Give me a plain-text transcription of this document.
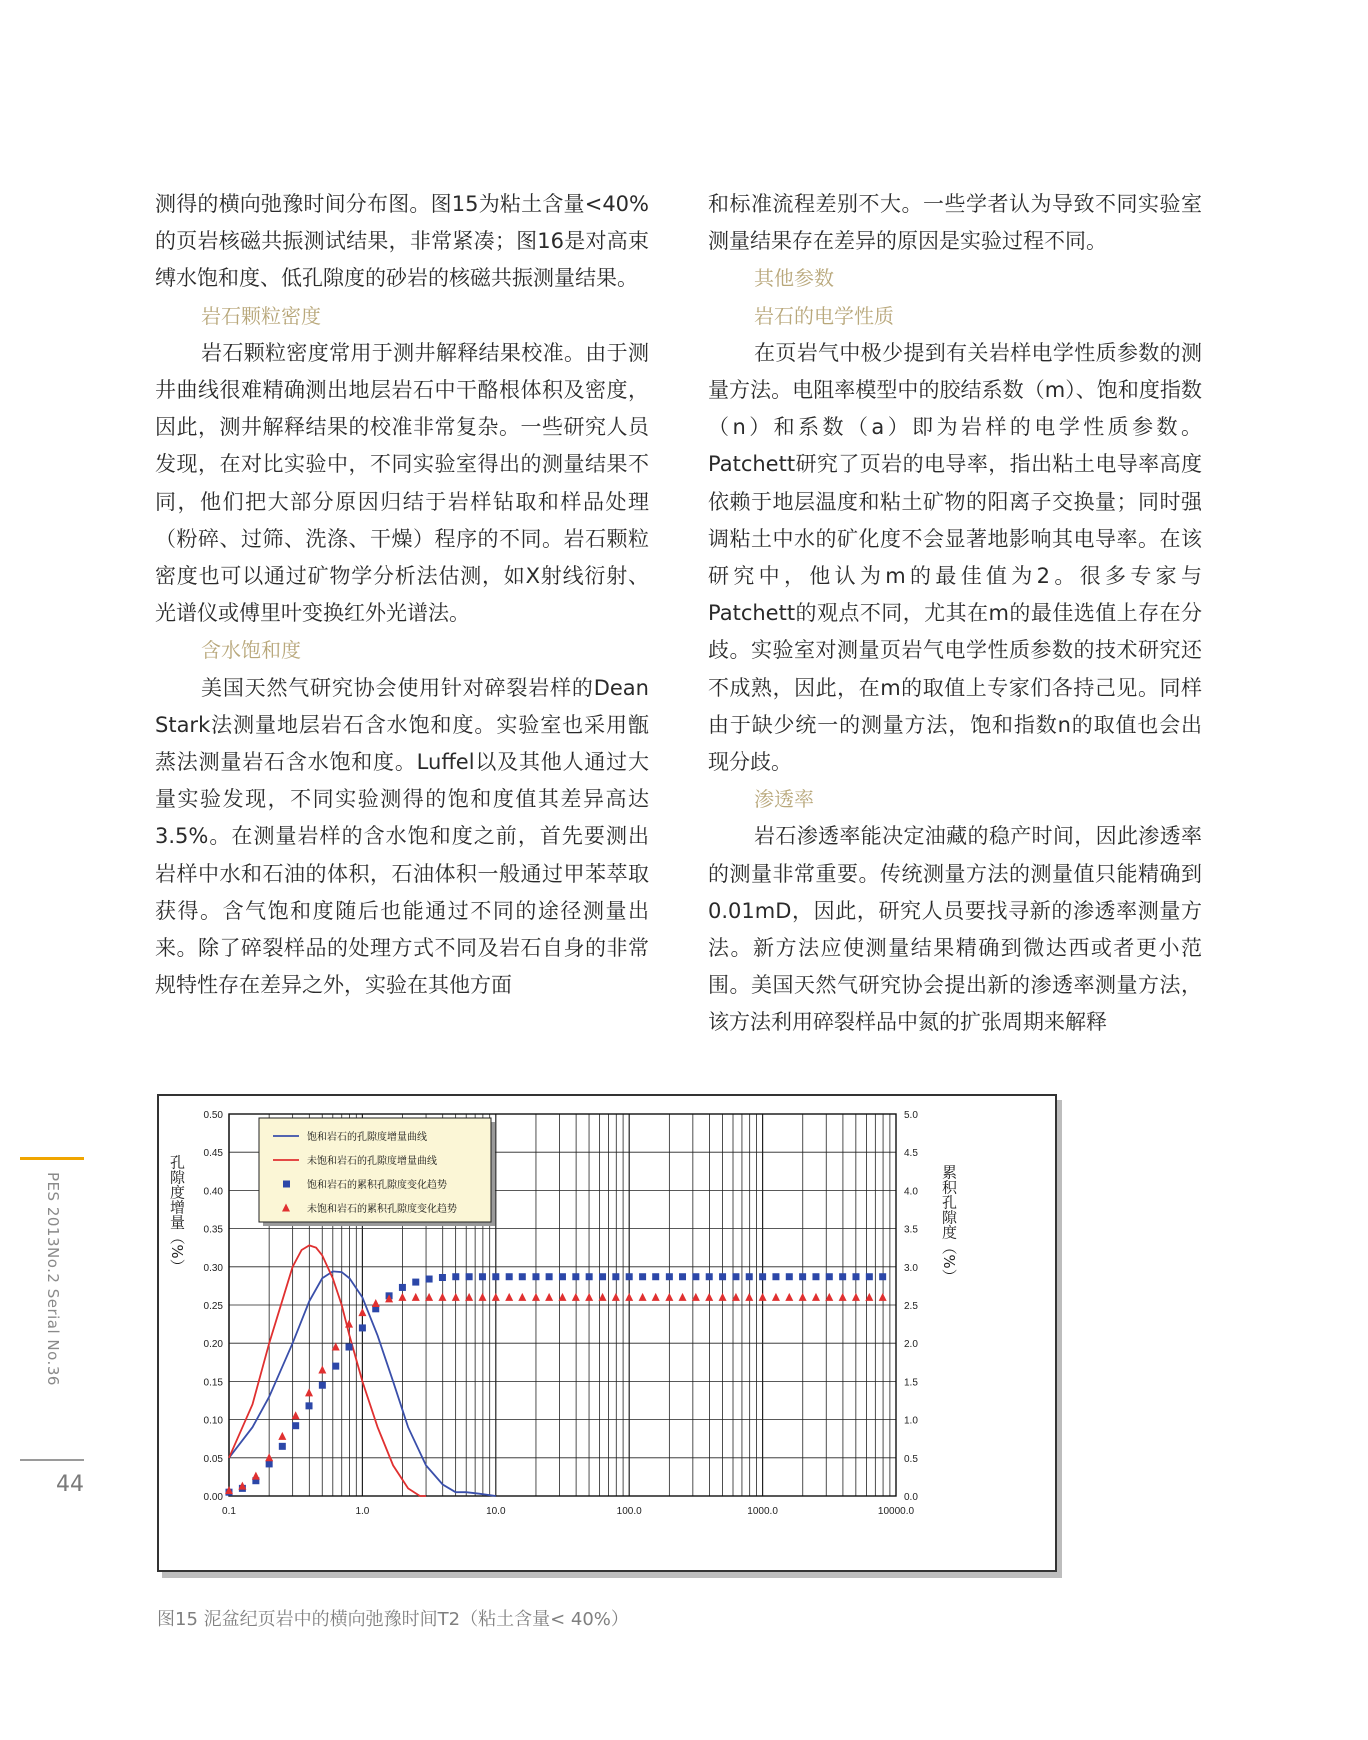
测得的横向弛豫时间分布图。图15为粘土含量<40%的页岩核磁共振测试结果，非常紧凑；图16是对高束缚水饱和度、低孔隙度的砂岩的核磁共振测量结果。

岩石颗粒密度

岩石颗粒密度常用于测井解释结果校准。由于测井曲线很难精确测出地层岩石中干酪根体积及密度，因此，测井解释结果的校准非常复杂。一些研究人员发现，在对比实验中，不同实验室得出的测量结果不同，他们把大部分原因归结于岩样钻取和样品处理（粉碎、过筛、洗涤、干燥）程序的不同。岩石颗粒密度也可以通过矿物学分析法估测，如X射线衍射、光谱仪或傅里叶变换红外光谱法。

含水饱和度

美国天然气研究协会使用针对碎裂岩样的Dean Stark法测量地层岩石含水饱和度。实验室也采用甑蒸法测量岩石含水饱和度。Luffel以及其他人通过大量实验发现，不同实验测得的饱和度值其差异高达3.5%。在测量岩样的含水饱和度之前，首先要测出岩样中水和石油的体积，石油体积一般通过甲苯萃取获得。含气饱和度随后也能通过不同的途径测量出来。除了碎裂样品的处理方式不同及岩石自身的非常规特性存在差异之外，实验在其他方面

和标准流程差别不大。一些学者认为导致不同实验室测量结果存在差异的原因是实验过程不同。

其他参数

岩石的电学性质

在页岩气中极少提到有关岩样电学性质参数的测量方法。电阻率模型中的胶结系数（m）、饱和度指数（n）和系数（a）即为岩样的电学性质参数。Patchett研究了页岩的电导率，指出粘土电导率高度依赖于地层温度和粘土矿物的阳离子交换量；同时强调粘土中水的矿化度不会显著地影响其电导率。在该研究中，他认为m的最佳值为2。很多专家与Patchett的观点不同，尤其在m的最佳选值上存在分歧。实验室对测量页岩气电学性质参数的技术研究还不成熟，因此，在m的取值上专家们各持己见。同样由于缺少统一的测量方法，饱和指数n的取值也会出现分歧。

渗透率

岩石渗透率能决定油藏的稳产时间，因此渗透率的测量非常重要。传统测量方法的测量值只能精确到0.01mD，因此，研究人员要找寻新的渗透率测量方法。新方法应使测量结果精确到微达西或者更小范围。美国天然气研究协会提出新的渗透率测量方法，该方法利用碎裂样品中氮的扩张周期来解释

PES 2013No.2 Serial No.36
44
0.00
0.05
0.10
0.15
0.20
0.25
0.30
0.35
0.40
0.45
0.50
0.0
0.5
1.0
1.5
2.0
2.5
3.0
3.5
4.0
4.5
5.0
0.1	1.0	10.0	100.0	1000.0	10000.0
孔隙度增量（%）	累积孔隙度（%）
饱和岩石的孔隙度增量曲线
未饱和岩石的孔隙度增量曲线
饱和岩石的累积孔隙度变化趋势
未饱和岩石的累积孔隙度变化趋势
图15 泥盆纪页岩中的横向弛豫时间T2（粘土含量< 40%）
